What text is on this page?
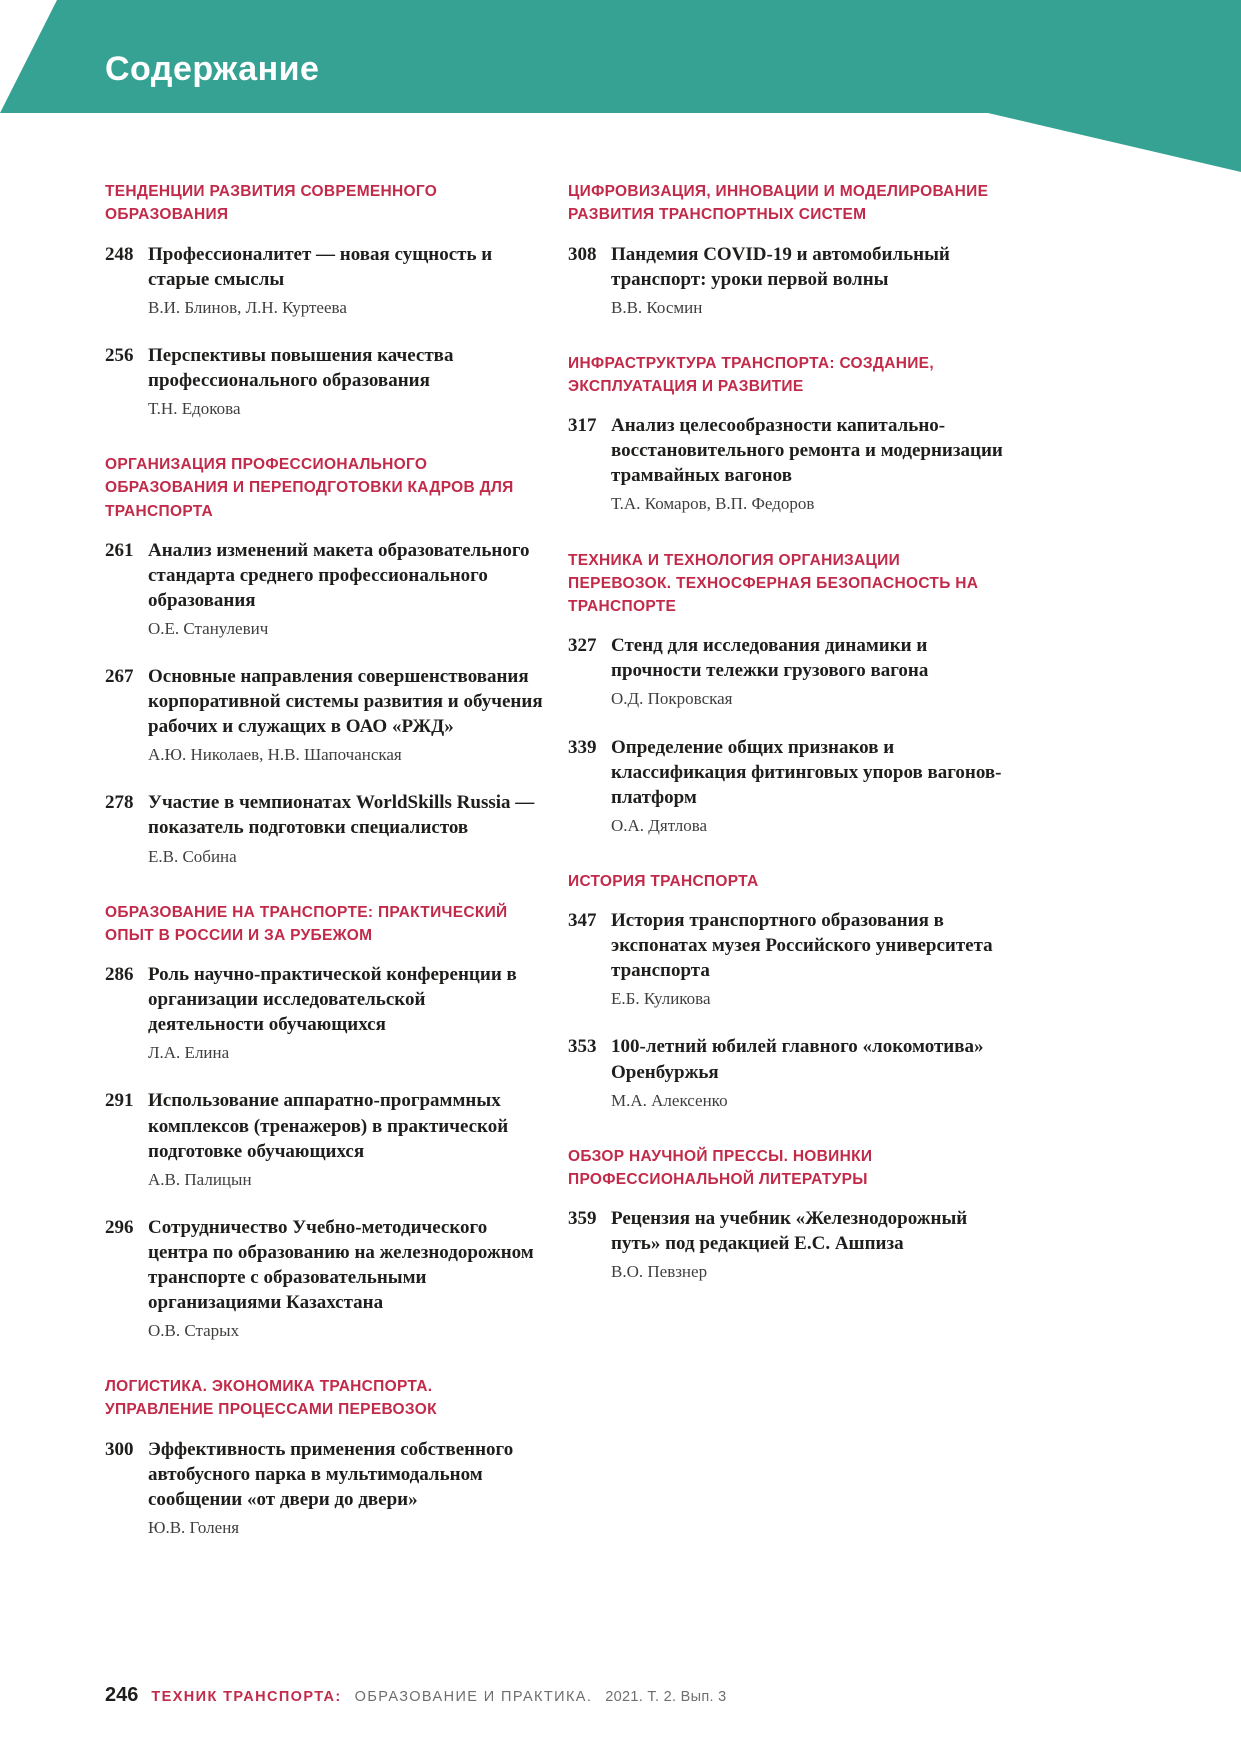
Содержание
ТЕНДЕНЦИИ РАЗВИТИЯ СОВРЕМЕННОГО ОБРАЗОВАНИЯ
248 Профессионалитет — новая сущность и старые смыслы
В.И. Блинов, Л.Н. Куртеева
256 Перспективы повышения качества профессионального образования
Т.Н. Едокова
ОРГАНИЗАЦИЯ ПРОФЕССИОНАЛЬНОГО ОБРАЗОВАНИЯ И ПЕРЕПОДГОТОВКИ КАДРОВ ДЛЯ ТРАНСПОРТА
261 Анализ изменений макета образовательного стандарта среднего профессионального образования
О.Е. Станулевич
267 Основные направления совершенствования корпоративной системы развития и обучения рабочих и служащих в ОАО «РЖД»
А.Ю. Николаев, Н.В. Шапочанская
278 Участие в чемпионатах WorldSkills Russia — показатель подготовки специалистов
Е.В. Собина
ОБРАЗОВАНИЕ НА ТРАНСПОРТЕ: ПРАКТИЧЕСКИЙ ОПЫТ В РОССИИ И ЗА РУБЕЖОМ
286 Роль научно-практической конференции в организации исследовательской деятельности обучающихся
Л.А. Елина
291 Использование аппаратно-программных комплексов (тренажеров) в практической подготовке обучающихся
А.В. Палицын
296 Сотрудничество Учебно-методического центра по образованию на железнодорожном транспорте с образовательными организациями Казахстана
О.В. Старых
ЛОГИСТИКА. ЭКОНОМИКА ТРАНСПОРТА. УПРАВЛЕНИЕ ПРОЦЕССАМИ ПЕРЕВОЗОК
300 Эффективность применения собственного автобусного парка в мультимодальном сообщении «от двери до двери»
Ю.В. Голеня
ЦИФРОВИЗАЦИЯ, ИННОВАЦИИ И МОДЕЛИРОВАНИЕ РАЗВИТИЯ ТРАНСПОРТНЫХ СИСТЕМ
308 Пандемия COVID-19 и автомобильный транспорт: уроки первой волны
В.В. Космин
ИНФРАСТРУКТУРА ТРАНСПОРТА: СОЗДАНИЕ, ЭКСПЛУАТАЦИЯ И РАЗВИТИЕ
317 Анализ целесообразности капитально-восстановительного ремонта и модернизации трамвайных вагонов
Т.А. Комаров, В.П. Федоров
ТЕХНИКА И ТЕХНОЛОГИЯ ОРГАНИЗАЦИИ ПЕРЕВОЗОК. ТЕХНОСФЕРНАЯ БЕЗОПАСНОСТЬ НА ТРАНСПОРТЕ
327 Стенд для исследования динамики и прочности тележки грузового вагона
О.Д. Покровская
339 Определение общих признаков и классификация фитинговых упоров вагонов-платформ
О.А. Дятлова
ИСТОРИЯ ТРАНСПОРТА
347 История транспортного образования в экспонатах музея Российского университета транспорта
Е.Б. Куликова
353 100-летний юбилей главного «локомотива» Оренбуржья
М.А. Алексенко
ОБЗОР НАУЧНОЙ ПРЕССЫ. НОВИНКИ ПРОФЕССИОНАЛЬНОЙ ЛИТЕРАТУРЫ
359 Рецензия на учебник «Железнодорожный путь» под редакцией Е.С. Ашпиза
В.О. Певзнер
246 ТЕХНИК ТРАНСПОРТА: ОБРАЗОВАНИЕ И ПРАКТИКА. 2021. Т. 2. Вып. 3
